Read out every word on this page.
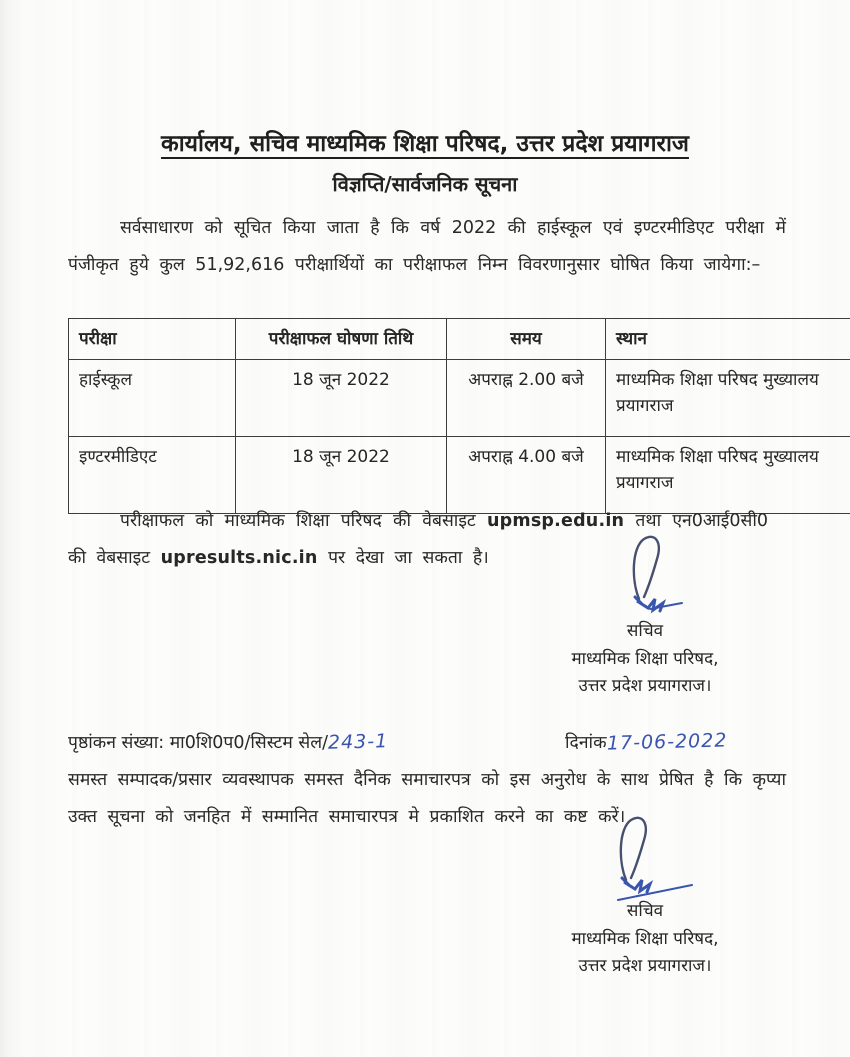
कार्यालय, सचिव माध्यमिक शिक्षा परिषद, उत्तर प्रदेश प्रयागराज
विज्ञप्ति/सार्वजनिक सूचना

सर्वसाधारण को सूचित किया जाता है कि वर्ष 2022 की हाईस्कूल एवं इण्टरमीडिएट परीक्षा में पंजीकृत हुये कुल 51,92,616 परीक्षार्थियों का परीक्षाफल निम्न विवरणानुसार घोषित किया जायेगा:–

परीक्षा	परीक्षाफल घोषणा तिथि	समय	स्थान
हाईस्कूल	18 जून 2022	अपराह्न 2.00 बजे	माध्यमिक शिक्षा परिषद मुख्यालय प्रयागराज
इण्टरमीडिएट	18 जून 2022	अपराह्न 4.00 बजे	माध्यमिक शिक्षा परिषद मुख्यालय प्रयागराज

परीक्षाफल को माध्यमिक शिक्षा परिषद की वेबसाइट upmsp.edu.in तथा एन0आई0सी0 की वेबसाइट upresults.nic.in पर देखा जा सकता है।

सचिव
माध्यमिक शिक्षा परिषद,
उत्तर प्रदेश प्रयागराज।
पृष्ठांकन संख्या: मा0शि0प0/सिस्टम सेल/243-1	दिनांक17-06-2022

समस्त सम्पादक/प्रसार व्यवस्थापक समस्त दैनिक समाचारपत्र को इस अनुरोध के साथ प्रेषित है कि कृप्या उक्त सूचना को जनहित में सम्मानित समाचारपत्र मे प्रकाशित करने का कष्ट करें।

सचिव
माध्यमिक शिक्षा परिषद,
उत्तर प्रदेश प्रयागराज।
